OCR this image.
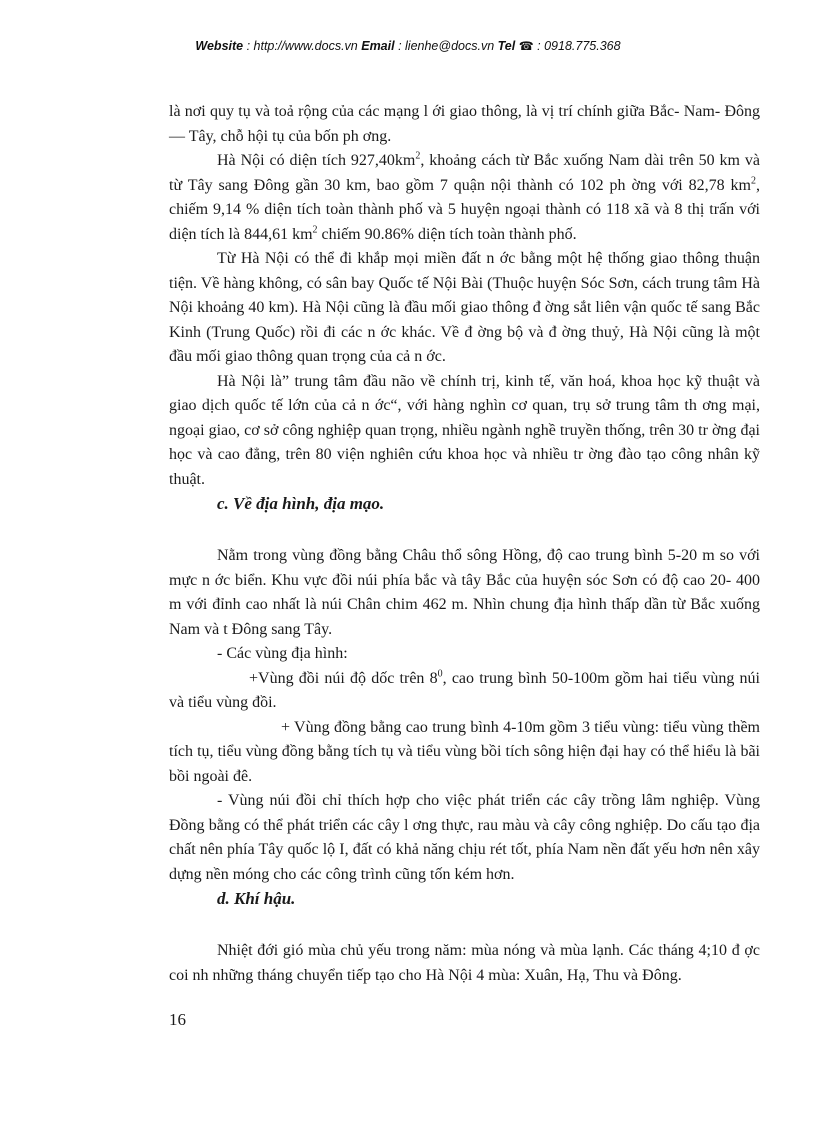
Website : http://www.docs.vn Email : lienhe@docs.vn Tel ☎ : 0918.775.368

là nơi quy tụ và toả rộng của các mạng l ới giao thông, là vị trí chính giữa Bắc- Nam- Đông — Tây, chỗ hội tụ của bốn ph ơng.

Hà Nội có diện tích $927,40km^2$, khoảng cách từ Bắc xuống Nam dài trên 50 km và từ Tây sang Đông gần 30 km, bao gồm 7 quận nội thành có 102 ph ờng với 82,78 $km^2$, chiếm 9,14 % diện tích toàn thành phố và 5 huyện ngoại thành có 118 xã và 8 thị trấn với diện tích là 844,61 $km^2$ chiếm 90.86% diện tích toàn thành phố.

Từ Hà Nội có thể đi khắp mọi miền đất n ớc bằng một hệ thống giao thông thuận tiện. Về hàng không, có sân bay Quốc tế Nội Bài (Thuộc huyện Sóc Sơn, cách trung tâm Hà Nội khoảng 40 km). Hà Nội cũng là đầu mối giao thông đ ờng sắt liên vận quốc tế sang Bắc Kinh (Trung Quốc) rồi đi các n ớc khác. Về đ ờng bộ và đ ờng thuỷ, Hà Nội cũng là một đầu mối giao thông quan trọng của cả n ớc.

Hà Nội là” trung tâm đầu não về chính trị, kinh tế, văn hoá, khoa học kỹ thuật và giao dịch quốc tế lớn của cả n ớc“, với hàng nghìn cơ quan, trụ sở trung tâm th ơng mại, ngoại giao, cơ sở công nghiệp quan trọng, nhiều ngành nghề truyền thống, trên 30 tr ờng đại học và cao đẳng, trên 80 viện nghiên cứu khoa học và nhiều tr ờng đào tạo công nhân kỹ thuật.

c. Về địa hình, địa mạo.

Nằm trong vùng đồng bằng Châu thổ sông Hồng, độ cao trung bình 5-20 m so với mực n ớc biển. Khu vực đồi núi phía bắc và tây Bắc của huyện sóc Sơn có độ cao 20- 400 m với đỉnh cao nhất là núi Chân chim 462 m. Nhìn chung địa hình thấp dần từ Bắc xuống Nam và t Đông sang Tây.

- Các vùng địa hình:

+Vùng đồi núi độ dốc trên $8^0$, cao trung bình 50-100m gồm hai tiểu vùng núi và tiểu vùng đồi.

+ Vùng đồng bằng cao trung bình 4-10m gồm 3 tiểu vùng: tiểu vùng thềm tích tụ, tiểu vùng đồng bằng tích tụ và tiểu vùng bồi tích sông hiện đại hay có thể hiểu là bãi bồi ngoài đê.

- Vùng núi đồi chỉ thích hợp cho việc phát triển các cây trồng lâm nghiệp. Vùng Đồng bằng có thể phát triển các cây l ơng thực, rau màu và cây công nghiệp. Do cấu tạo địa chất nên phía Tây quốc lộ I, đất có khả năng chịu rét tốt, phía Nam nền đất yếu hơn nên xây dựng nền móng cho các công trình cũng tốn kém hơn.

d. Khí hậu.

Nhiệt đới gió mùa chủ yếu trong năm: mùa nóng và mùa lạnh. Các tháng 4;10 đ ợc coi nh những tháng chuyển tiếp tạo cho Hà Nội 4 mùa: Xuân, Hạ, Thu và Đông.

16
